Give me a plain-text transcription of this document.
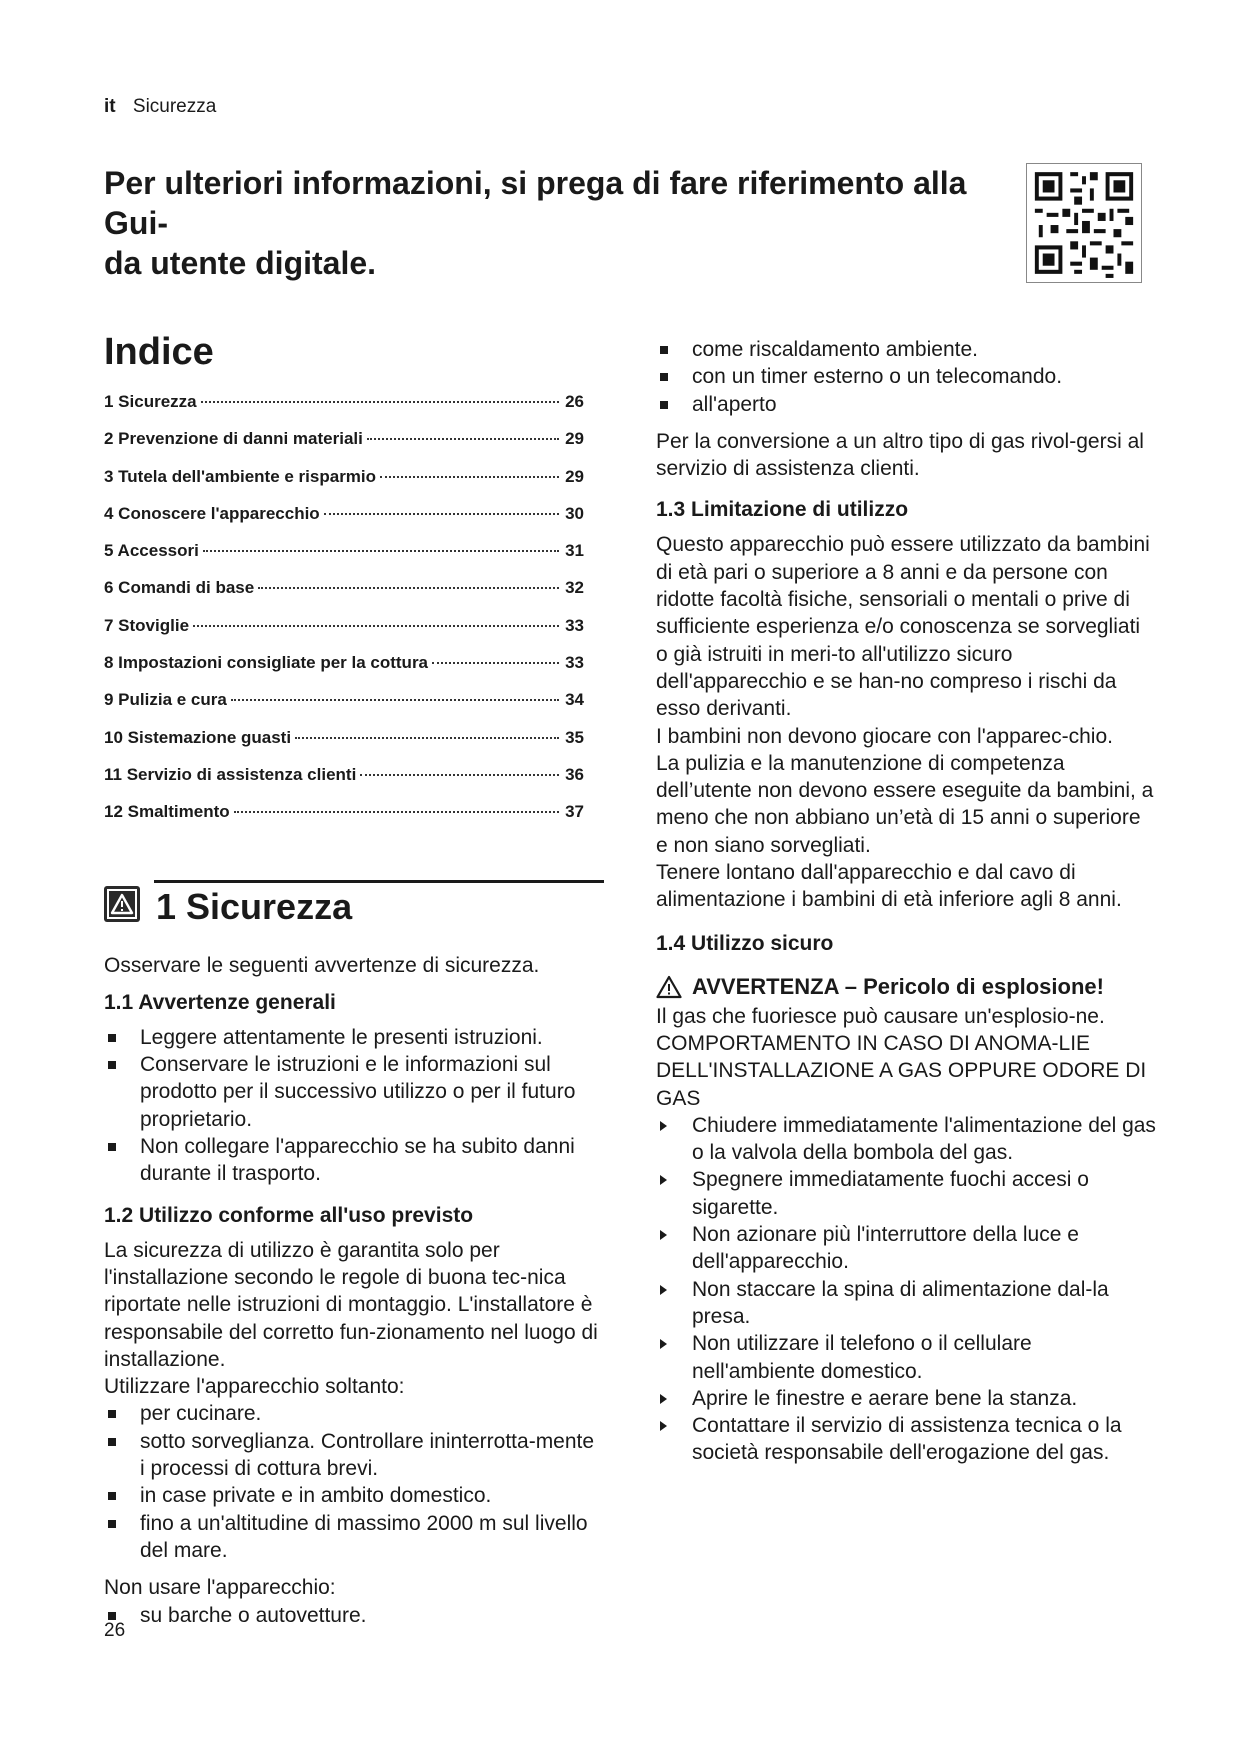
it Sicurezza
Per ulteriori informazioni, si prega di fare riferimento alla Gui-
da utente digitale.
Indice
1 Sicurezza	26
2 Prevenzione di danni materiali	29
3 Tutela dell'ambiente e risparmio	29
4 Conoscere l'apparecchio	30
5 Accessori	31
6 Comandi di base	32
7 Stoviglie	33
8 Impostazioni consigliate per la cottura	33
9 Pulizia e cura	34
10 Sistemazione guasti	35
11 Servizio di assistenza clienti	36
12 Smaltimento	37
1 Sicurezza

Osservare le seguenti avvertenze di sicurezza.

1.1 Avvertenze generali
Leggere attentamente le presenti istruzioni.
Conservare le istruzioni e le informazioni sul prodotto per il successivo utilizzo o per il futuro proprietario.
Non collegare l'apparecchio se ha subito danni durante il trasporto.
1.2 Utilizzo conforme all'uso previsto

La sicurezza di utilizzo è garantita solo per l'installazione secondo le regole di buona tec-nica riportate nelle istruzioni di montaggio. L'installatore è responsabile del corretto fun-zionamento nel luogo di installazione.

Utilizzare l'apparecchio soltanto:

per cucinare.
sotto sorveglianza. Controllare ininterrotta-mente i processi di cottura brevi.
in case private e in ambito domestico.
fino a un'altitudine di massimo 2000 m sul livello del mare.

Non usare l'apparecchio:

su barche o autovetture.
come riscaldamento ambiente.
con un timer esterno o un telecomando.
all'aperto

Per la conversione a un altro tipo di gas rivol-gersi al servizio di assistenza clienti.

1.3 Limitazione di utilizzo

Questo apparecchio può essere utilizzato da bambini di età pari o superiore a 8 anni e da persone con ridotte facoltà fisiche, sensoriali o mentali o prive di sufficiente esperienza e/o conoscenza se sorvegliati o già istruiti in meri-to all'utilizzo sicuro dell'apparecchio e se han-no compreso i rischi da esso derivanti.

I bambini non devono giocare con l'apparec-chio.

La pulizia e la manutenzione di competenza dell’utente non devono essere eseguite da bambini, a meno che non abbiano un’età di 15 anni o superiore e non siano sorvegliati.

Tenere lontano dall'apparecchio e dal cavo di alimentazione i bambini di età inferiore agli 8 anni.

1.4 Utilizzo sicuro
AVVERTENZA – Pericolo di esplosione!

Il gas che fuoriesce può causare un'esplosio-ne. COMPORTAMENTO IN CASO DI ANOMA-LIE DELL'INSTALLAZIONE A GAS OPPURE ODORE DI GAS

Chiudere immediatamente l'alimentazione del gas o la valvola della bombola del gas.
Spegnere immediatamente fuochi accesi o sigarette.
Non azionare più l'interruttore della luce e dell'apparecchio.
Non staccare la spina di alimentazione dal-la presa.
Non utilizzare il telefono o il cellulare nell'ambiente domestico.
Aprire le finestre e aerare bene la stanza.
Contattare il servizio di assistenza tecnica o la società responsabile dell'erogazione del gas.
26
